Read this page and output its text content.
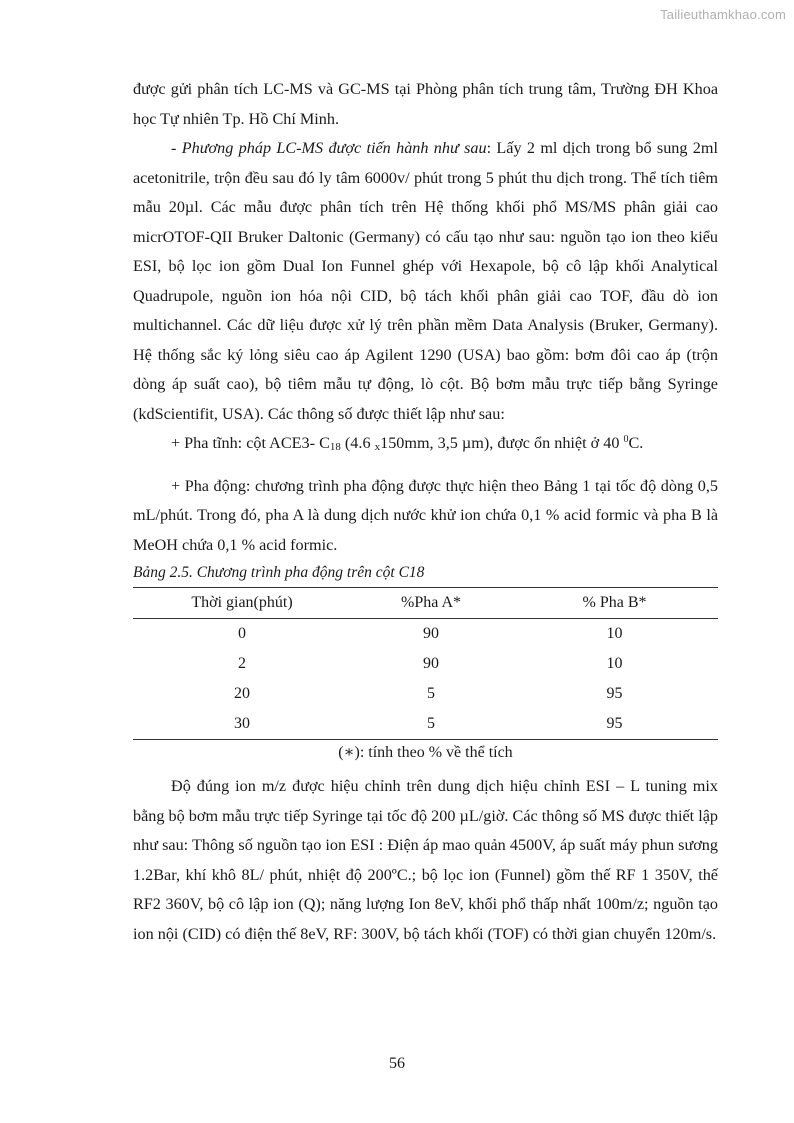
Tailieuthamkhao.com

được gửi phân tích LC-MS và GC-MS tại Phòng phân tích trung tâm, Trường ĐH Khoa học Tự nhiên Tp. Hồ Chí Minh.

- Phương pháp LC-MS được tiến hành như sau: Lấy 2 ml dịch trong bổ sung 2ml acetonitrile, trộn đều sau đó ly tâm 6000v/ phút trong 5 phút thu dịch trong. Thể tích tiêm mẫu 20µl. Các mẫu được phân tích trên Hệ thống khối phổ MS/MS phân giải cao micrOTOF-QII Bruker Daltonic (Germany) có cấu tạo như sau: nguồn tạo ion theo kiểu ESI, bộ lọc ion gồm Dual Ion Funnel ghép với Hexapole, bộ cô lập khối Analytical Quadrupole, nguồn ion hóa nội CID, bộ tách khối phân giải cao TOF, đầu dò ion multichannel. Các dữ liệu được xử lý trên phần mềm Data Analysis (Bruker, Germany). Hệ thống sắc ký lỏng siêu cao áp Agilent 1290 (USA) bao gồm: bơm đôi cao áp (trộn dòng áp suất cao), bộ tiêm mẫu tự động, lò cột. Bộ bơm mẫu trực tiếp bằng Syringe (kdScientifit, USA). Các thông số được thiết lập như sau:

+ Pha tĩnh: cột ACE3- $C_{18}$ (4.6 $_x$150mm, 3,5 µm), được ổn nhiệt ở 40 $^0$C.

+ Pha động: chương trình pha động được thực hiện theo Bảng 1 tại tốc độ dòng 0,5 mL/phút. Trong đó, pha A là dung dịch nước khử ion chứa 0,1 % acid formic và pha B là MeOH chứa 0,1 % acid formic.

Bảng 2.5. Chương trình pha động trên cột C18

Thời gian(phút)	%Pha A*	% Pha B*
0	90	10
2	90	10
20	5	95
30	5	95

(∗): tính theo % về thể tích

Độ đúng ion m/z được hiệu chỉnh trên dung dịch hiệu chỉnh ESI – L tuning mix bằng bộ bơm mẫu trực tiếp Syringe tại tốc độ 200 µL/giờ. Các thông số MS được thiết lập như sau: Thông số nguồn tạo ion ESI : Điện áp mao quản 4500V, áp suất máy phun sương 1.2Bar, khí khô 8L/ phút, nhiệt độ 200ºC.; bộ lọc ion (Funnel) gồm thế RF 1 350V, thế RF2 360V, bộ cô lập ion (Q); năng lượng Ion 8eV, khối phổ thấp nhất 100m/z; nguồn tạo ion nội (CID) có điện thế 8eV, RF: 300V, bộ tách khối (TOF) có thời gian chuyển 120m/s.

56
